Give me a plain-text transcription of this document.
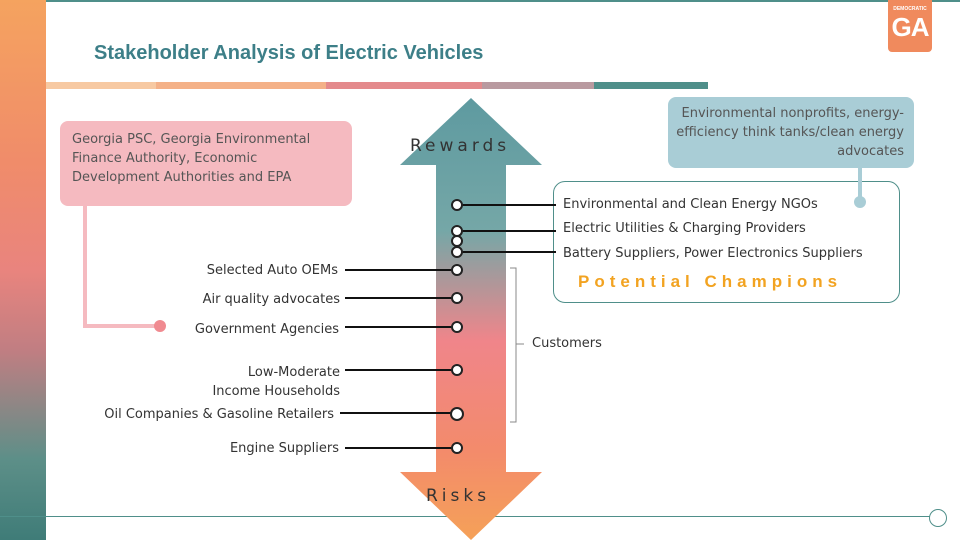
Stakeholder Analysis of Electric Vehicles
DEMOCRATIC
GA
Georgia PSC, Georgia Environmental Finance Authority, Economic Development Authorities and EPA
Environmental nonprofits, energy-efficiency think tanks/clean energy advocates
Rewards
Risks
Environmental and Clean Energy NGOs
Electric Utilities & Charging Providers
Battery Suppliers, Power Electronics Suppliers
Potential Champions
Selected Auto OEMs
Air quality advocates
Government Agencies
Low-Moderate Income Households
Oil Companies & Gasoline Retailers
Engine Suppliers
Customers
